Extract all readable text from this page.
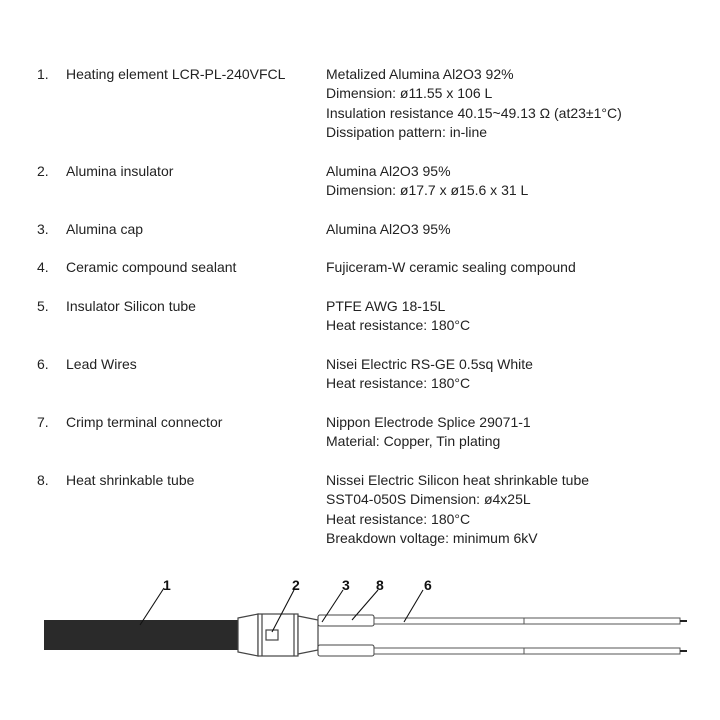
1. Heating element LCR-PL-240VFCL	Metalized Alumina Al2O3 92%
Dimension: ø11.55 x 106 L
Insulation resistance 40.15~49.13 Ω (at23±1°C)
Dissipation pattern: in-line
2. Alumina insulator	Alumina Al2O3 95%
Dimension: ø17.7 x ø15.6 x 31 L
3. Alumina cap	Alumina Al2O3 95%
4. Ceramic compound sealant	Fujiceram-W ceramic sealing compound
5. Insulator Silicon tube	PTFE AWG 18-15L
Heat resistance: 180°C
6. Lead Wires	Nisei Electric RS-GE 0.5sq White
Heat resistance: 180°C
7. Crimp terminal connector	Nippon Electrode Splice 29071-1
Material: Copper, Tin plating
8. Heat shrinkable tube	Nissei Electric Silicon heat shrinkable tube
SST04-050S Dimension: ø4x25L
Heat resistance: 180°C
Breakdown voltage: minimum 6kV
1	2	3 8	6
